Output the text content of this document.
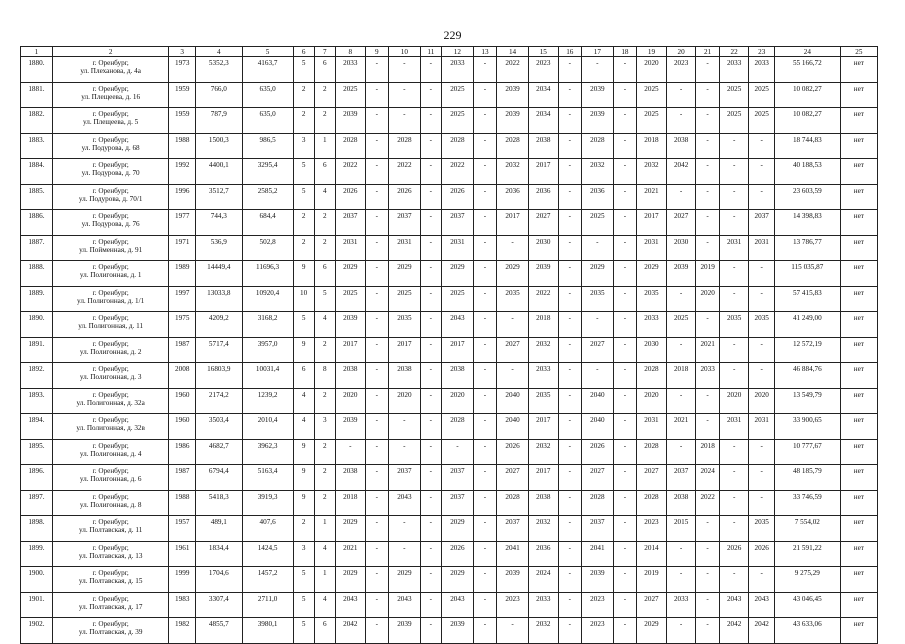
229
1	2	3	4	5	6	7	8	9	10	11	12	13	14	15	16	17	18	19	20	21	22	23	24	25
1880.	г. Оренбург,
ул. Плеханова, д. 4а	1973	5352,3	4163,7	5	6	2033	-	-	-	2033	-	2022	2023	-	-	-	2020	2023	-	2033	2033	55 166,72	нет
1881.	г. Оренбург,
ул. Плещеева, д. 16	1959	766,0	635,0	2	2	2025	-	-	-	2025	-	2039	2034	-	2039	-	2025	-	-	2025	2025	10 082,27	нет
1882.	г. Оренбург,
ул. Плещеева, д. 5	1959	787,9	635,0	2	2	2039	-	-	-	2025	-	2039	2034	-	2039	-	2025	-	-	2025	2025	10 082,27	нет
1883.	г. Оренбург,
ул. Подурова, д. 68	1988	1500,3	986,5	3	1	2028	-	2028	-	2028	-	2028	2038	-	2028	-	2018	2038	-	-	-	18 744,83	нет
1884.	г. Оренбург,
ул. Подурова, д. 70	1992	4400,1	3295,4	5	6	2022	-	2022	-	2022	-	2032	2017	-	2032	-	2032	2042	-	-	-	40 188,53	нет
1885.	г. Оренбург,
ул. Подурова, д. 70/1	1996	3512,7	2585,2	5	4	2026	-	2026	-	2026	-	2036	2036	-	2036	-	2021	-	-	-	-	23 603,59	нет
1886.	г. Оренбург,
ул. Подурова, д. 76	1977	744,3	684,4	2	2	2037	-	2037	-	2037	-	2017	2027	-	2025	-	2017	2027	-	-	2037	14 398,83	нет
1887.	г. Оренбург,
ул. Пойменная, д. 91	1971	536,9	502,8	2	2	2031	-	2031	-	2031	-	-	2030	-	-	-	2031	2030	-	2031	2031	13 786,77	нет
1888.	г. Оренбург,
ул. Полигонная, д. 1	1989	14449,4	11696,3	9	6	2029	-	2029	-	2029	-	2029	2039	-	2029	-	2029	2039	2019	-	-	115 035,87	нет
1889.	г. Оренбург,
ул. Полигонная, д. 1/1	1997	13033,8	10920,4	10	5	2025	-	2025	-	2025	-	2035	2022	-	2035	-	2035	-	2020	-	-	57 415,83	нет
1890.	г. Оренбург,
ул. Полигонная, д. 11	1975	4209,2	3168,2	5	4	2039	-	2035	-	2043	-	-	2018	-	-	-	2033	2025	-	2035	2035	41 249,00	нет
1891.	г. Оренбург,
ул. Полигонная, д. 2	1987	5717,4	3957,0	9	2	2017	-	2017	-	2017	-	2027	2032	-	2027	-	2030	-	2021	-	-	12 572,19	нет
1892.	г. Оренбург,
ул. Полигонная, д. 3	2008	16803,9	10031,4	6	8	2038	-	2038	-	2038	-	-	2033	-	-	-	2028	2018	2033	-	-	46 884,76	нет
1893.	г. Оренбург,
ул. Полигонная, д. 32а	1960	2174,2	1239,2	4	2	2020	-	2020	-	2020	-	2040	2035	-	2040	-	2020	-	-	2020	2020	13 549,79	нет
1894.	г. Оренбург,
ул. Полигонная, д. 32в	1960	3503,4	2010,4	4	3	2039	-	-	-	2028	-	2040	2017	-	2040	-	2031	2021	-	2031	2031	33 900,65	нет
1895.	г. Оренбург,
ул. Полигонная, д. 4	1986	4682,7	3962,3	9	2	-	-	-	-	-	-	2026	2032	-	2026	-	2028	-	2018	-	-	10 777,67	нет
1896.	г. Оренбург,
ул. Полигонная, д. 6	1987	6794,4	5163,4	9	2	2038	-	2037	-	2037	-	2027	2017	-	2027	-	2027	2037	2024	-	-	48 185,79	нет
1897.	г. Оренбург,
ул. Полигонная, д. 8	1988	5418,3	3919,3	9	2	2018	-	2043	-	2037	-	2028	2038	-	2028	-	2028	2038	2022	-	-	33 746,59	нет
1898.	г. Оренбург,
ул. Полтавская, д. 11	1957	489,1	407,6	2	1	2029	-	-	-	2029	-	2037	2032	-	2037	-	2023	2015	-	-	2035	7 554,02	нет
1899.	г. Оренбург,
ул. Полтавская, д. 13	1961	1834,4	1424,5	3	4	2021	-	-	-	2026	-	2041	2036	-	2041	-	2014	-	-	2026	2026	21 591,22	нет
1900.	г. Оренбург,
ул. Полтавская, д. 15	1999	1704,6	1457,2	5	1	2029	-	2029	-	2029	-	2039	2024	-	2039	-	2019	-	-	-	-	9 275,29	нет
1901.	г. Оренбург,
ул. Полтавская, д. 17	1983	3307,4	2711,0	5	4	2043	-	2043	-	2043	-	2023	2033	-	2023	-	2027	2033	-	2043	2043	43 046,45	нет
1902.	г. Оренбург,
ул. Полтавская, д. 39	1982	4855,7	3980,1	5	6	2042	-	2039	-	2039	-	-	2032	-	2023	-	2029	-	-	2042	2042	43 633,06	нет
